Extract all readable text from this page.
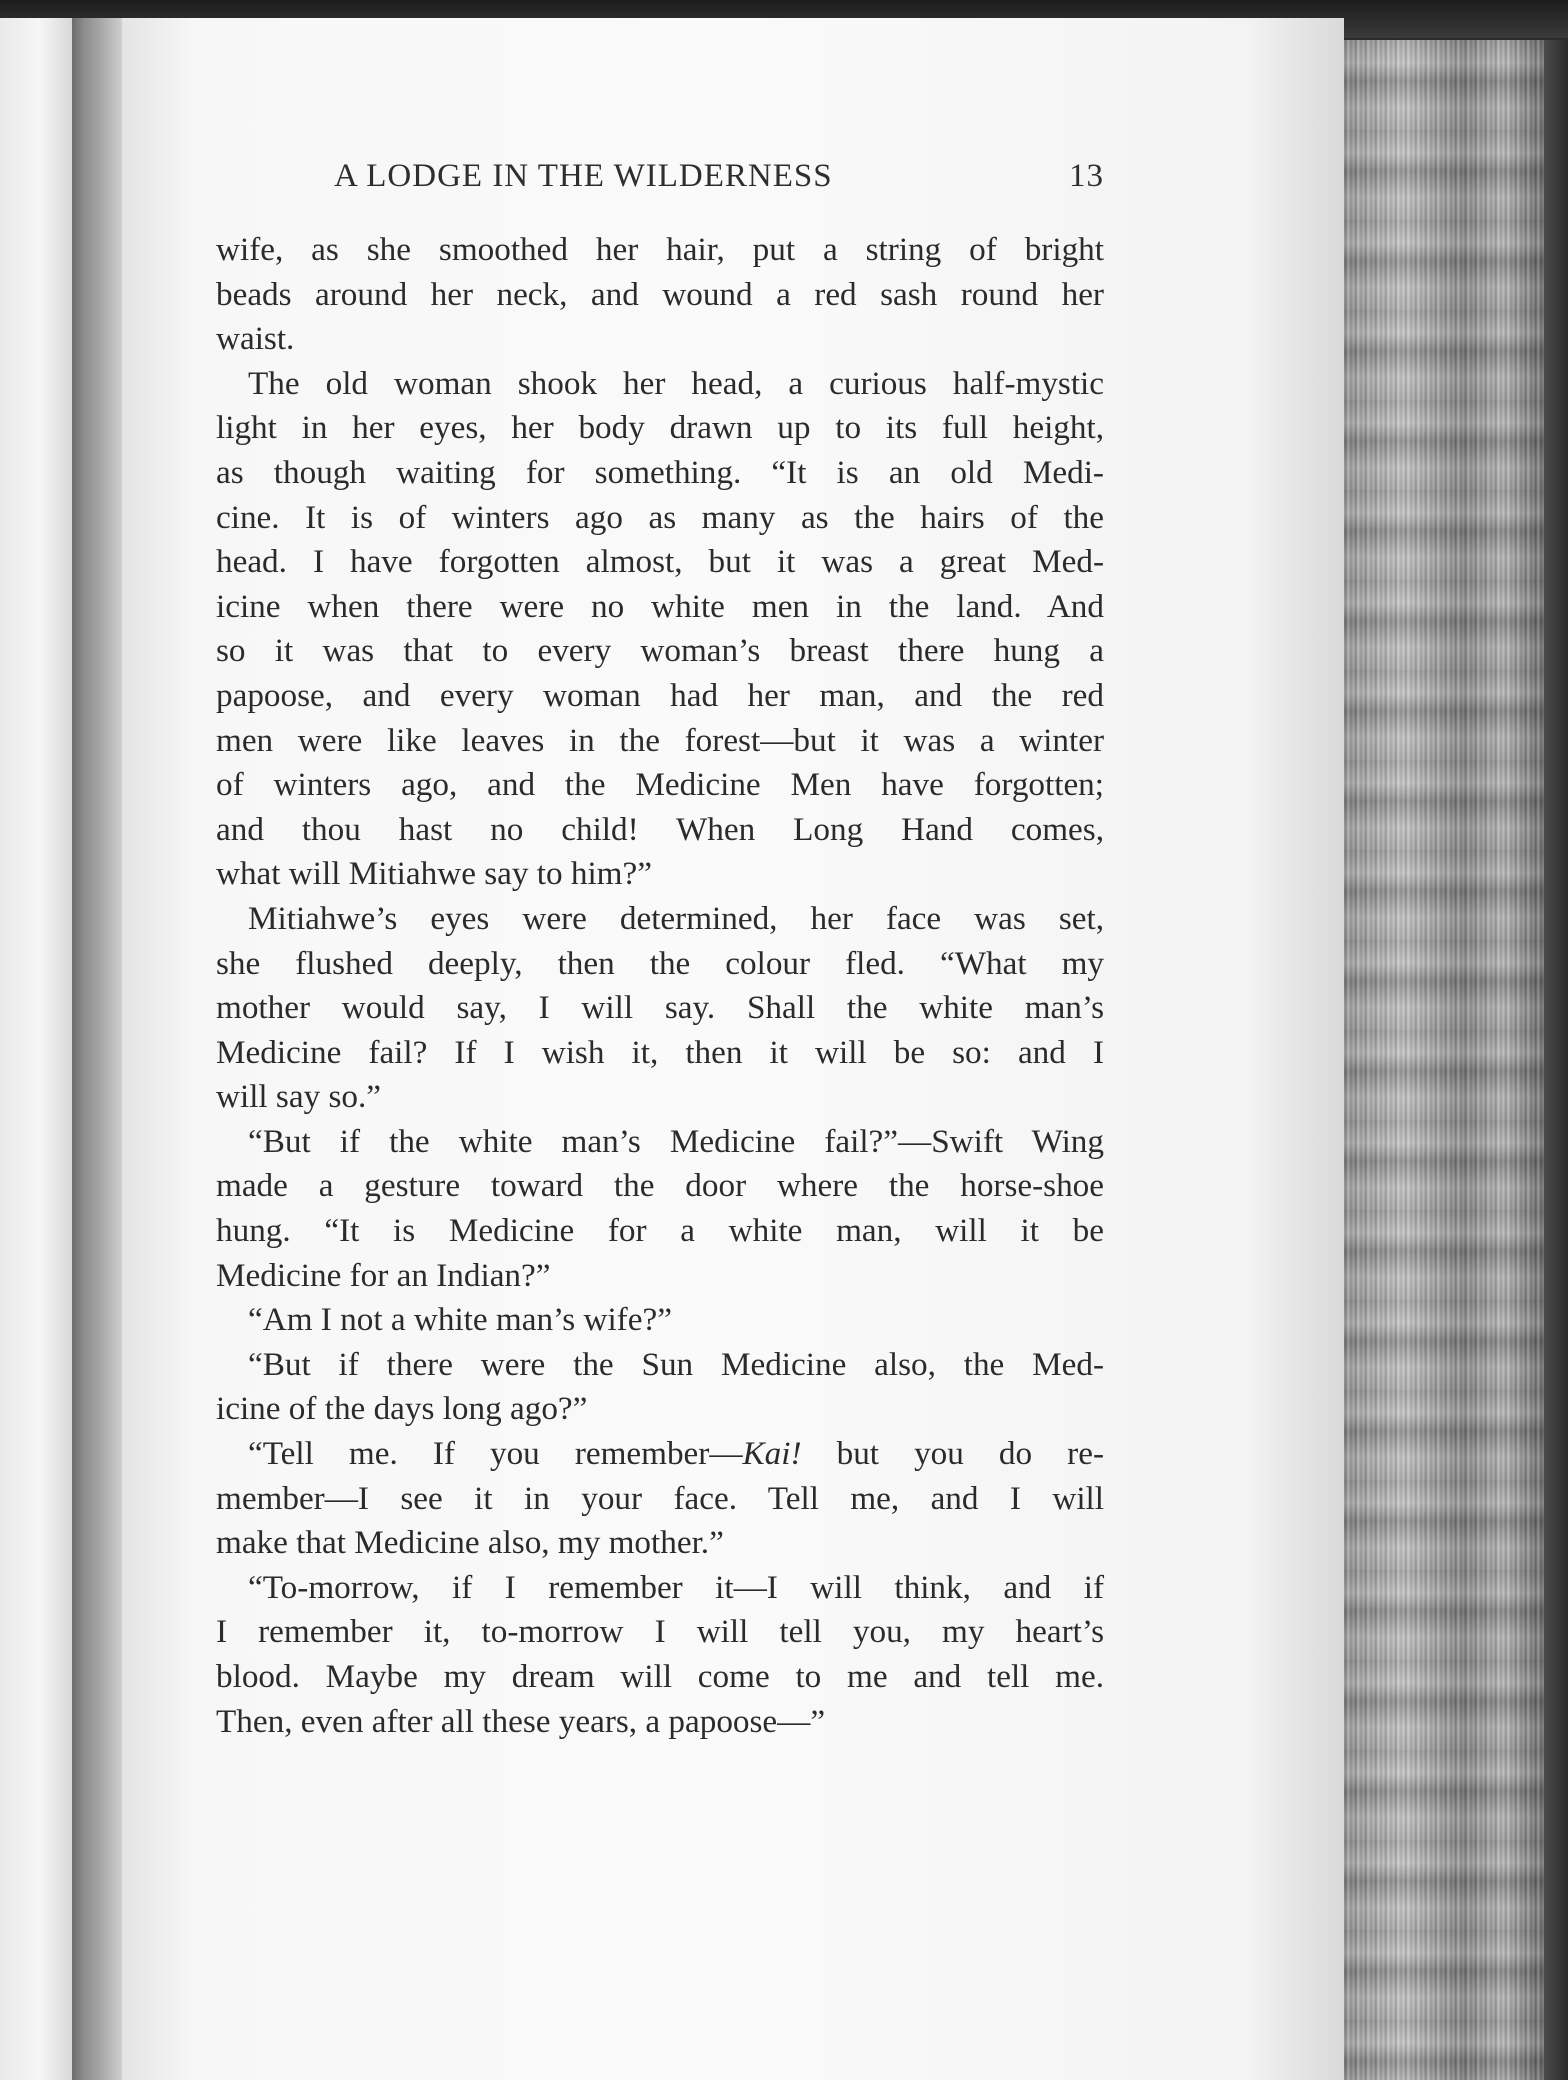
A LODGE IN THE WILDERNESS	13
wife, as she smoothed her hair, put a string of bright
beads around her neck, and wound a red sash round her
waist.
The old woman shook her head, a curious half-mystic
light in her eyes, her body drawn up to its full height,
as though waiting for something. “It is an old Medi-
cine. It is of winters ago as many as the hairs of the
head. I have forgotten almost, but it was a great Med-
icine when there were no white men in the land. And
so it was that to every woman’s breast there hung a
papoose, and every woman had her man, and the red
men were like leaves in the forest—but it was a winter
of winters ago, and the Medicine Men have forgotten;
and thou hast no child! When Long Hand comes,
what will Mitiahwe say to him?”
Mitiahwe’s eyes were determined, her face was set,
she flushed deeply, then the colour fled. “What my
mother would say, I will say. Shall the white man’s
Medicine fail? If I wish it, then it will be so: and I
will say so.”
“But if the white man’s Medicine fail?”—Swift Wing
made a gesture toward the door where the horse-shoe
hung. “It is Medicine for a white man, will it be
Medicine for an Indian?”
“Am I not a white man’s wife?”
“But if there were the Sun Medicine also, the Med-
icine of the days long ago?”
“Tell me. If you remember—Kai! but you do re-
member—I see it in your face. Tell me, and I will
make that Medicine also, my mother.”
“To-morrow, if I remember it—I will think, and if
I remember it, to-morrow I will tell you, my heart’s
blood. Maybe my dream will come to me and tell me.
Then, even after all these years, a papoose—”
